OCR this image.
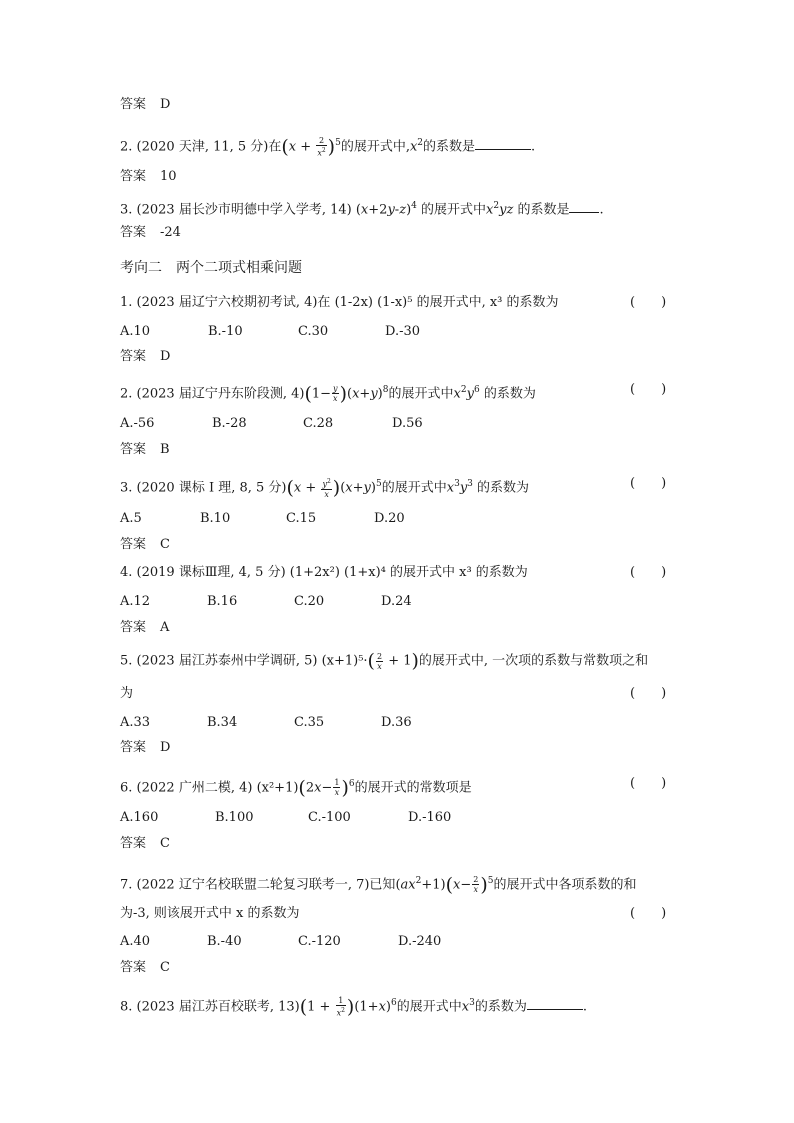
答案 D
2. (2020 天津, 11, 5 分)在$(x + \frac{2}{x^2} )^5$的展开式中$,x^2$的系数是	.
答案 10
3. (2023 届长沙市明德中学入学考, 14) $(x+2y-z)^4$ 的展开式中$x^2yz$ 的系数是 .
答案 -24
考向二　两个二项式相乘问题
1. (2023 届辽宁六校期初考试, 4)在 (1-2x) (1-x)⁵ 的展开式中, x³ 的系数为	(　　)
A.10	B.-10	C.30	D.-30
答案 D
2. (2023 届辽宁丹东阶段测, $4)(1- \frac{y}{x} )(x+y)^8$的展开式中$x^2y^6$ 的系数为	(　　)
A.-56	B.-28	C.28	D.56
答案 B
3. (2020 课标 Ⅰ 理, 8, 5 分)$(x + \frac{y^2}{x} )(x+y)^5$的展开式中$x^3y^3$ 的系数为	(　　)
A.5	B.10	C.15	D.20
答案 C
4. (2019 课标Ⅲ理, 4, 5 分) (1+2x²) (1+x)⁴ 的展开式中 x³ 的系数为	(　　)
A.12	B.16	C.20	D.24
答案 A
5. (2023 届江苏泰州中学调研, 5) $(x+1)^5\cdot( \frac{2}{x} + 1)$的展开式中, 一次项的系数与常数项之和
为	(　　)
A.33	B.34	C.35	D.36
答案 D
6. (2022 广州二模, 4) $(x^2+1)(2x- \frac{1}{x} )^6$的展开式的常数项是	(　　)
A.160	B.100	C.-100	D.-160
答案 C
7. (2022 辽宁名校联盟二轮复习联考一, 7)已知$(ax^2+1)(x- \frac{2}{x} )^5$的展开式中各项系数的和
为-3, 则该展开式中 x 的系数为	(　　)
A.40	B.-40	C.-120	D.-240
答案 C
8. (2023 届江苏百校联考, $13)(1 + \frac{1}{x^2} )(1+x)^6$的展开式中$x^3$的系数为	.
